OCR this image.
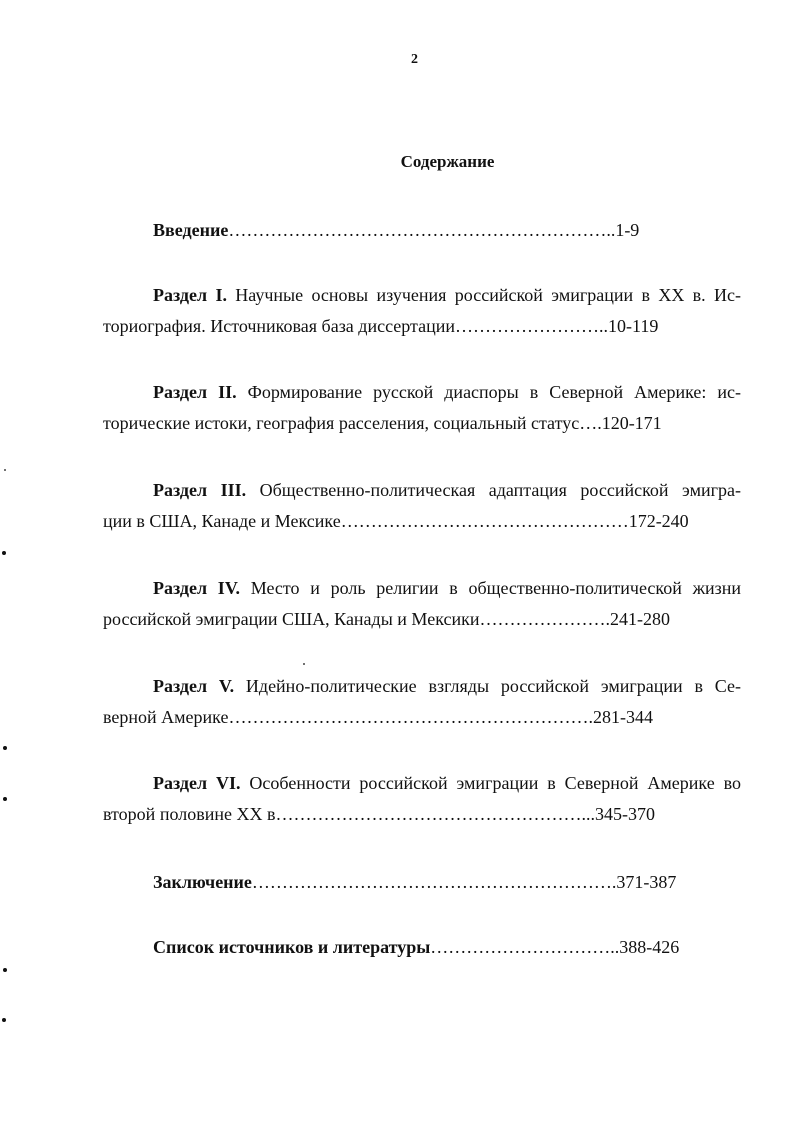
2
Содержание
Введение………………………………………………………..1-9
Раздел I. Научные основы изучения российской эмиграции в ХХ в. Ис-
ториография. Источниковая база диссертации……………………..10-119
Раздел II. Формирование русской диаспоры в Северной Америке: ис-
торические истоки, география расселения, социальный статус….120-171
Раздел III. Общественно-политическая адаптация российской эмигра-
ции в США, Канаде и Мексике…………………………………………172-240
Раздел IV. Место и роль религии в общественно-политической жизни
российской эмиграции США, Канады и Мексики………………….241-280
Раздел V. Идейно-политические взгляды российской эмиграции в Се-
верной Америке…………………………………………………….281-344
Раздел VI. Особенности российской эмиграции в Северной Америке во
второй половине ХХ в……………………………………………...345-370
Заключение…………………………………………………….371-387
Список источников и литературы…………………………..388-426
